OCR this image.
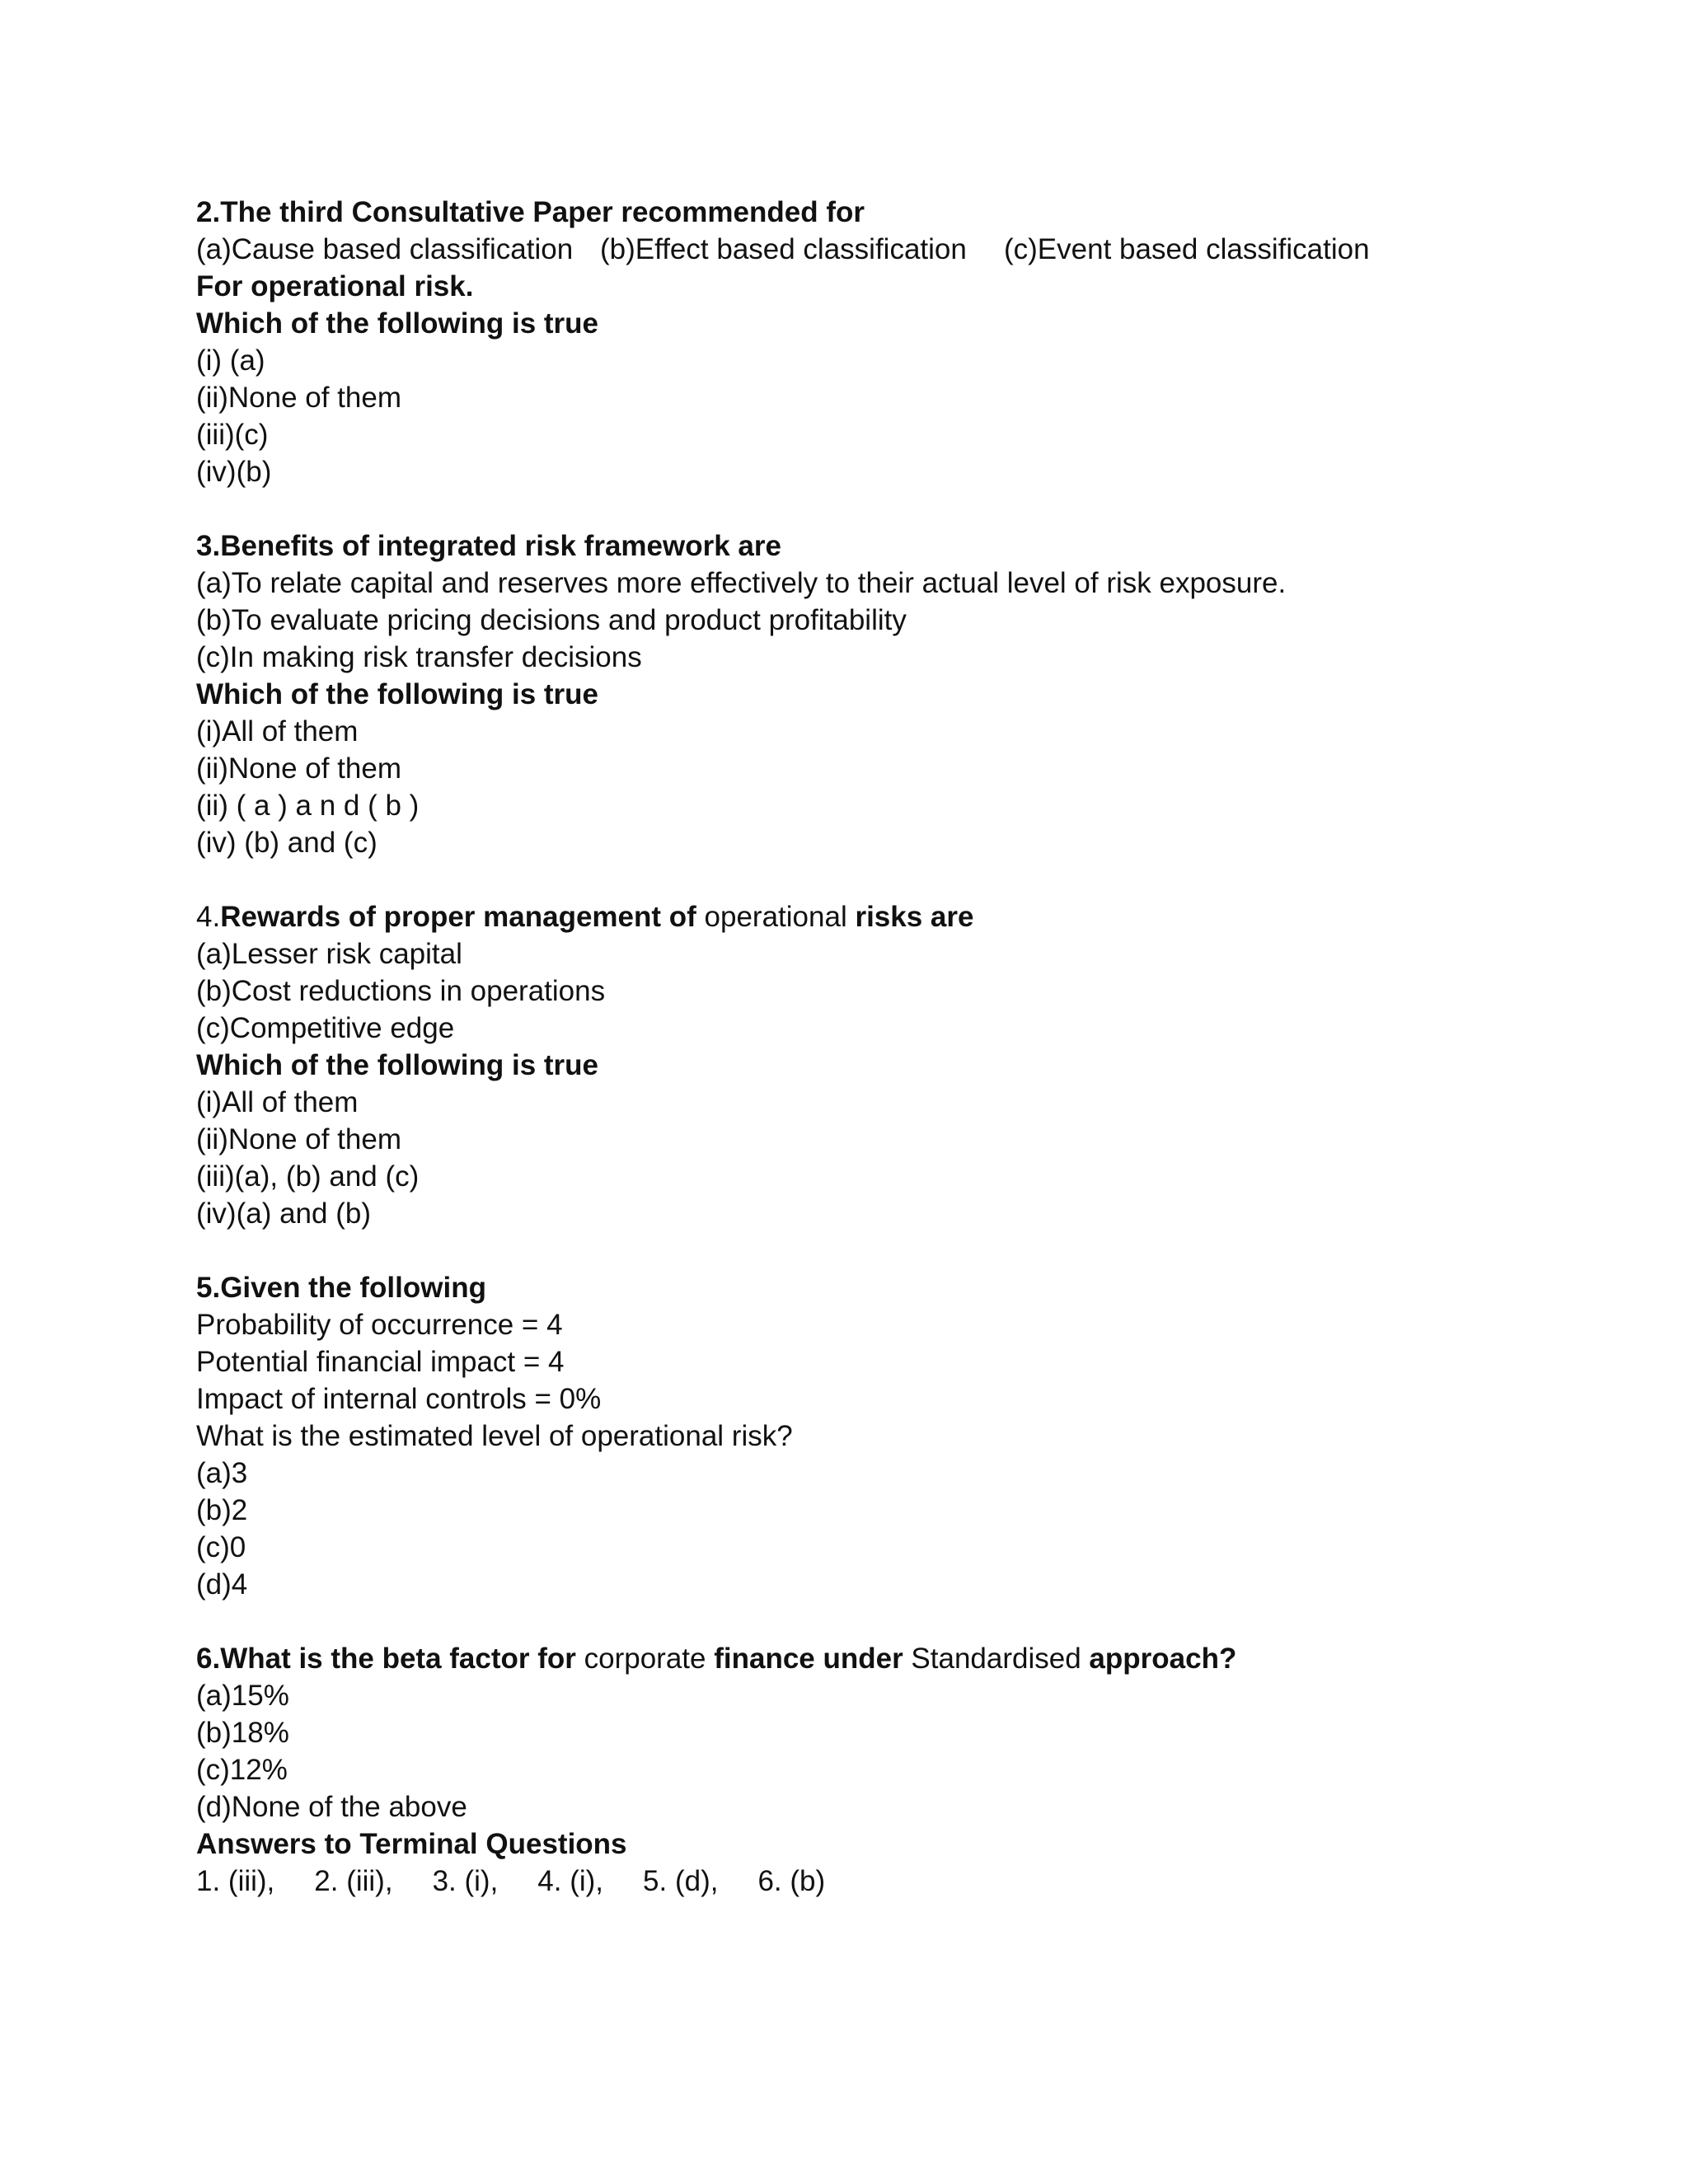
2.The third Consultative Paper recommended for
(a)Cause based classification (b)Effect based classification (c)Event based classification
For operational risk.
Which of the following is true
(i) (a)
(ii)None of them
(iii)(c)
(iv)(b)
3.Benefits of integrated risk framework are
(a)To relate capital and reserves more effectively to their actual level of risk exposure.
(b)To evaluate pricing decisions and product profitability
(c)In making risk transfer decisions
Which of the following is true
(i)All of them
(ii)None of them
(ii) ( a ) a n d ( b )
(iv) (b) and (c)
4.Rewards of proper management of operational risks are
(a)Lesser risk capital
(b)Cost reductions in operations
(c)Competitive edge
Which of the following is true
(i)All of them
(ii)None of them
(iii)(a), (b) and (c)
(iv)(a) and (b)
5.Given the following
Probability of occurrence = 4
Potential financial impact = 4
Impact of internal controls = 0%
What is the estimated level of operational risk?
(a)3
(b)2
(c)0
(d)4
6.What is the beta factor for corporate finance under Standardised approach?
(a)15%
(b)18%
(c)12%
(d)None of the above
Answers to Terminal Questions
1. (iii), 2. (iii), 3. (i), 4. (i), 5. (d), 6. (b)
